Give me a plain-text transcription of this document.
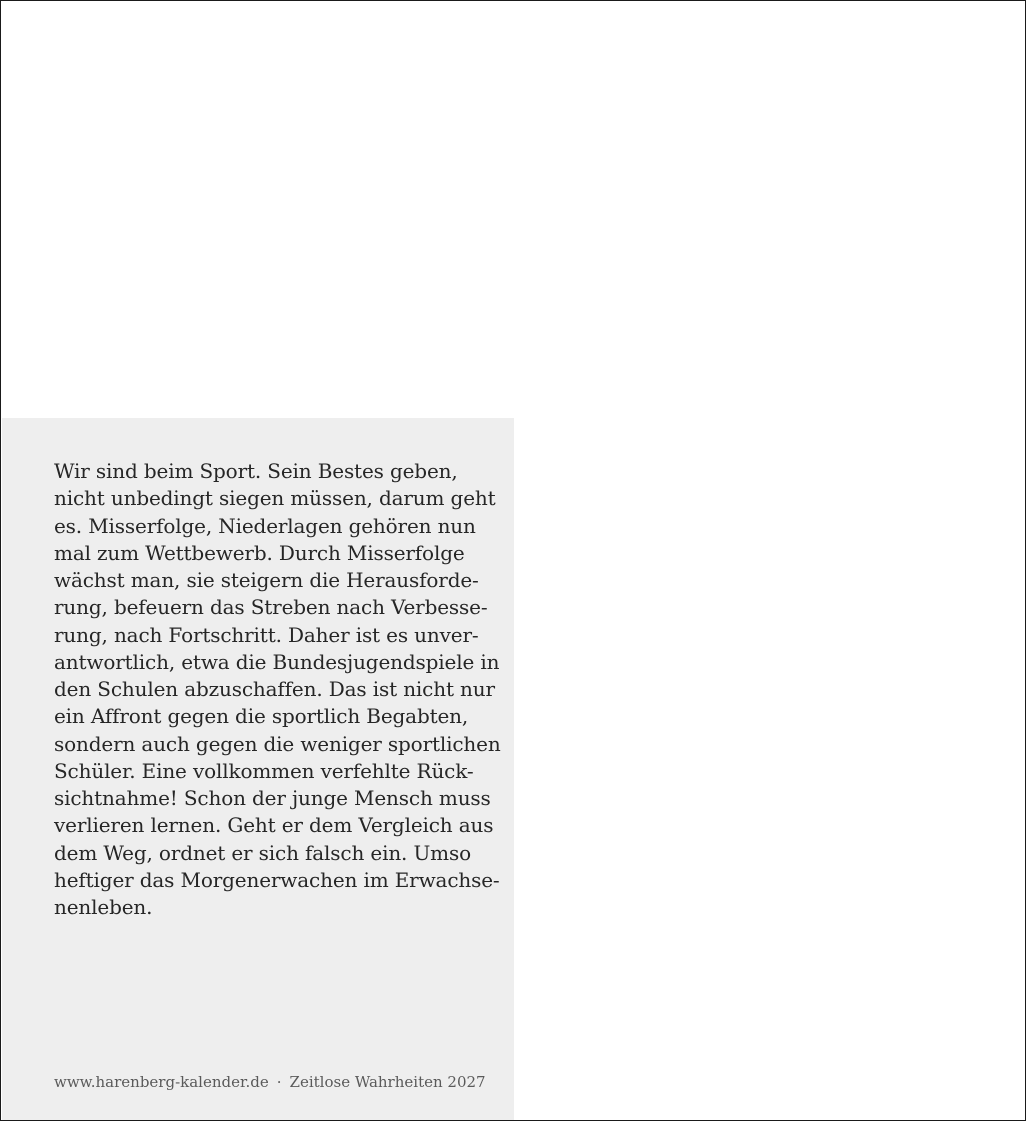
Wir sind beim Sport. Sein Bestes geben,
nicht unbedingt siegen müssen, darum geht
es. Misserfolge, Niederlagen gehören nun
mal zum Wettbewerb. Durch Misserfolge
wächst man, sie steigern die Herausforde-
rung, befeuern das Streben nach Verbesse-
rung, nach Fortschritt. Daher ist es unver-
antwortlich, etwa die Bundesjugendspiele in
den Schulen abzuschaffen. Das ist nicht nur
ein Affront gegen die sportlich Begabten,
sondern auch gegen die weniger sportlichen
Schüler. Eine vollkommen verfehlte Rück-
sichtnahme! Schon der junge Mensch muss
verlieren lernen. Geht er dem Vergleich aus
dem Weg, ordnet er sich falsch ein. Umso
heftiger das Morgenerwachen im Erwachse-
nenleben.

www.harenberg-kalender.de · Zeitlose Wahrheiten 2027
